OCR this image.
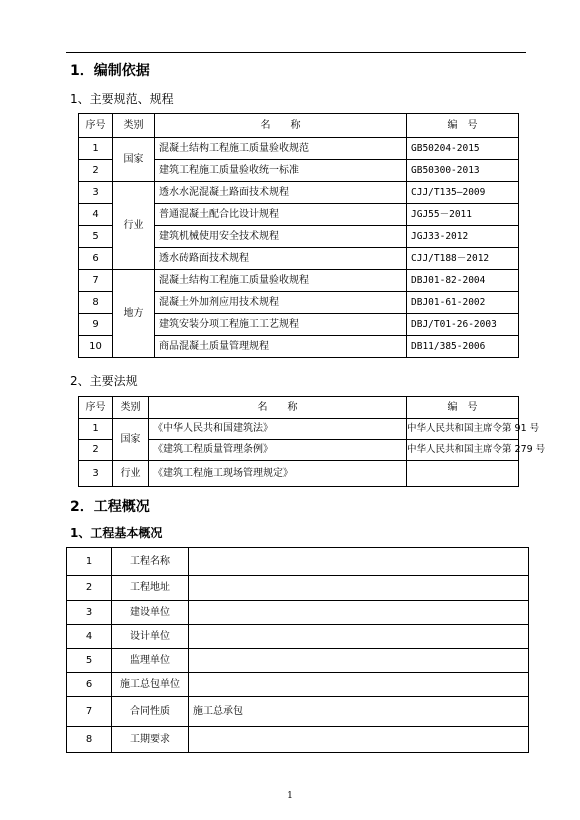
1．编制依据
1、主要规范、规程
序号	类别	名　　称	编　号
1	国家	混凝土结构工程施工质量验收规范	GB50204-2015
2		建筑工程施工质量验收统一标准	GB50300-2013
3	行业	透水水泥混凝土路面技术规程	CJJ/T135—2009
4		普通混凝土配合比设计规程	JGJ55－2011
5		建筑机械使用安全技术规程	JGJ33-2012
6		透水砖路面技术规程	CJJ/T188－2012
7	地方	混凝土结构工程施工质量验收规程	DBJ01-82-2004
8		混凝土外加剂应用技术规程	DBJ01-61-2002
9		建筑安装分项工程施工工艺规程	DBJ/T01-26-2003
10		商品混凝土质量管理规程	DB11/385-2006
2、主要法规
序号	类别	名　　称	编　号
1	国家	《中华人民共和国建筑法》	中华人民共和国主席令第 91 号
2		《建筑工程质量管理条例》	中华人民共和国主席令第 279 号
3	行业	《建筑工程施工现场管理规定》	
2．工程概况
1、工程基本概况
1	工程名称	
2	工程地址	
3	建设单位	
4	设计单位	
5	监理单位	
6	施工总包单位	
7	合同性质	施工总承包
8	工期要求	
1
